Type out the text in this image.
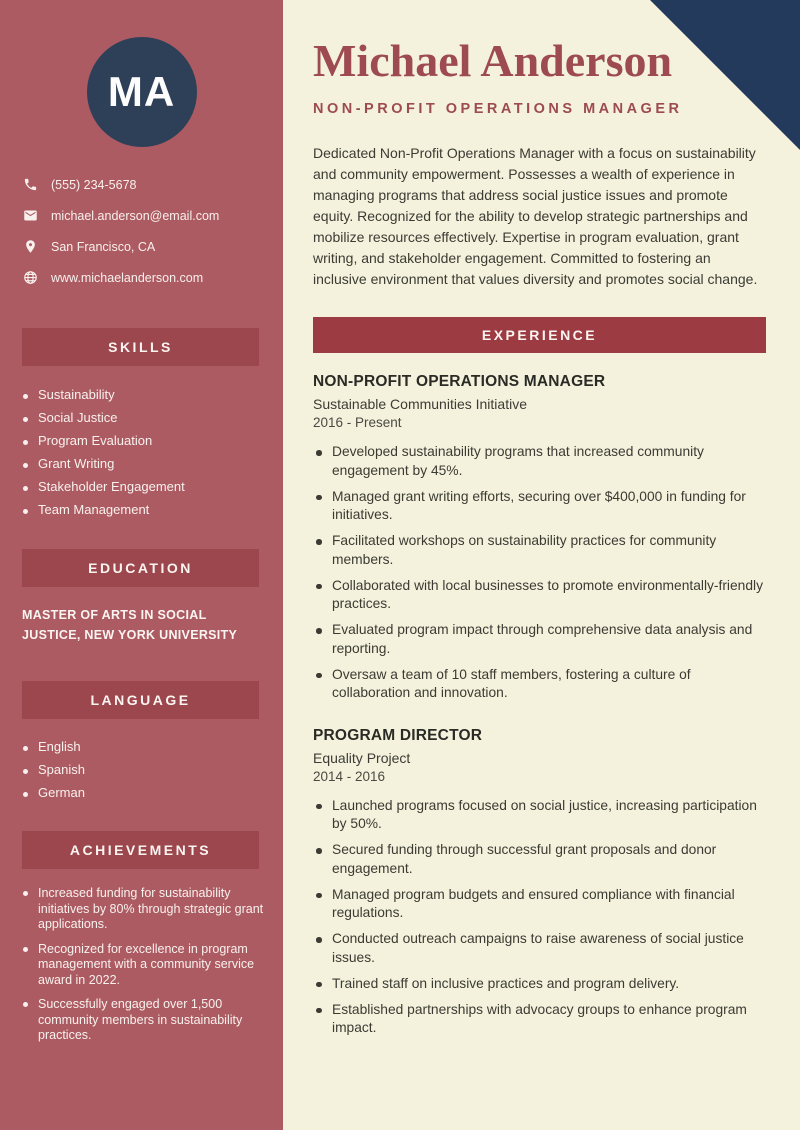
MA
(555) 234-5678
michael.anderson@email.com
San Francisco, CA
www.michaelanderson.com
SKILLS
Sustainability
Social Justice
Program Evaluation
Grant Writing
Stakeholder Engagement
Team Management
EDUCATION
MASTER OF ARTS IN SOCIAL JUSTICE, NEW YORK UNIVERSITY
LANGUAGE
English
Spanish
German
ACHIEVEMENTS
Increased funding for sustainability initiatives by 80% through strategic grant applications.
Recognized for excellence in program management with a community service award in 2022.
Successfully engaged over 1,500 community members in sustainability practices.
Michael Anderson
NON-PROFIT OPERATIONS MANAGER

Dedicated Non-Profit Operations Manager with a focus on sustainability and community empowerment. Possesses a wealth of experience in managing programs that address social justice issues and promote equity. Recognized for the ability to develop strategic partnerships and mobilize resources effectively. Expertise in program evaluation, grant writing, and stakeholder engagement. Committed to fostering an inclusive environment that values diversity and promotes social change.

EXPERIENCE
NON-PROFIT OPERATIONS MANAGER
Sustainable Communities Initiative
2016 - Present
Developed sustainability programs that increased community engagement by 45%.
Managed grant writing efforts, securing over $400,000 in funding for initiatives.
Facilitated workshops on sustainability practices for community members.
Collaborated with local businesses to promote environmentally-friendly practices.
Evaluated program impact through comprehensive data analysis and reporting.
Oversaw a team of 10 staff members, fostering a culture of collaboration and innovation.
PROGRAM DIRECTOR
Equality Project
2014 - 2016
Launched programs focused on social justice, increasing participation by 50%.
Secured funding through successful grant proposals and donor engagement.
Managed program budgets and ensured compliance with financial regulations.
Conducted outreach campaigns to raise awareness of social justice issues.
Trained staff on inclusive practices and program delivery.
Established partnerships with advocacy groups to enhance program impact.
